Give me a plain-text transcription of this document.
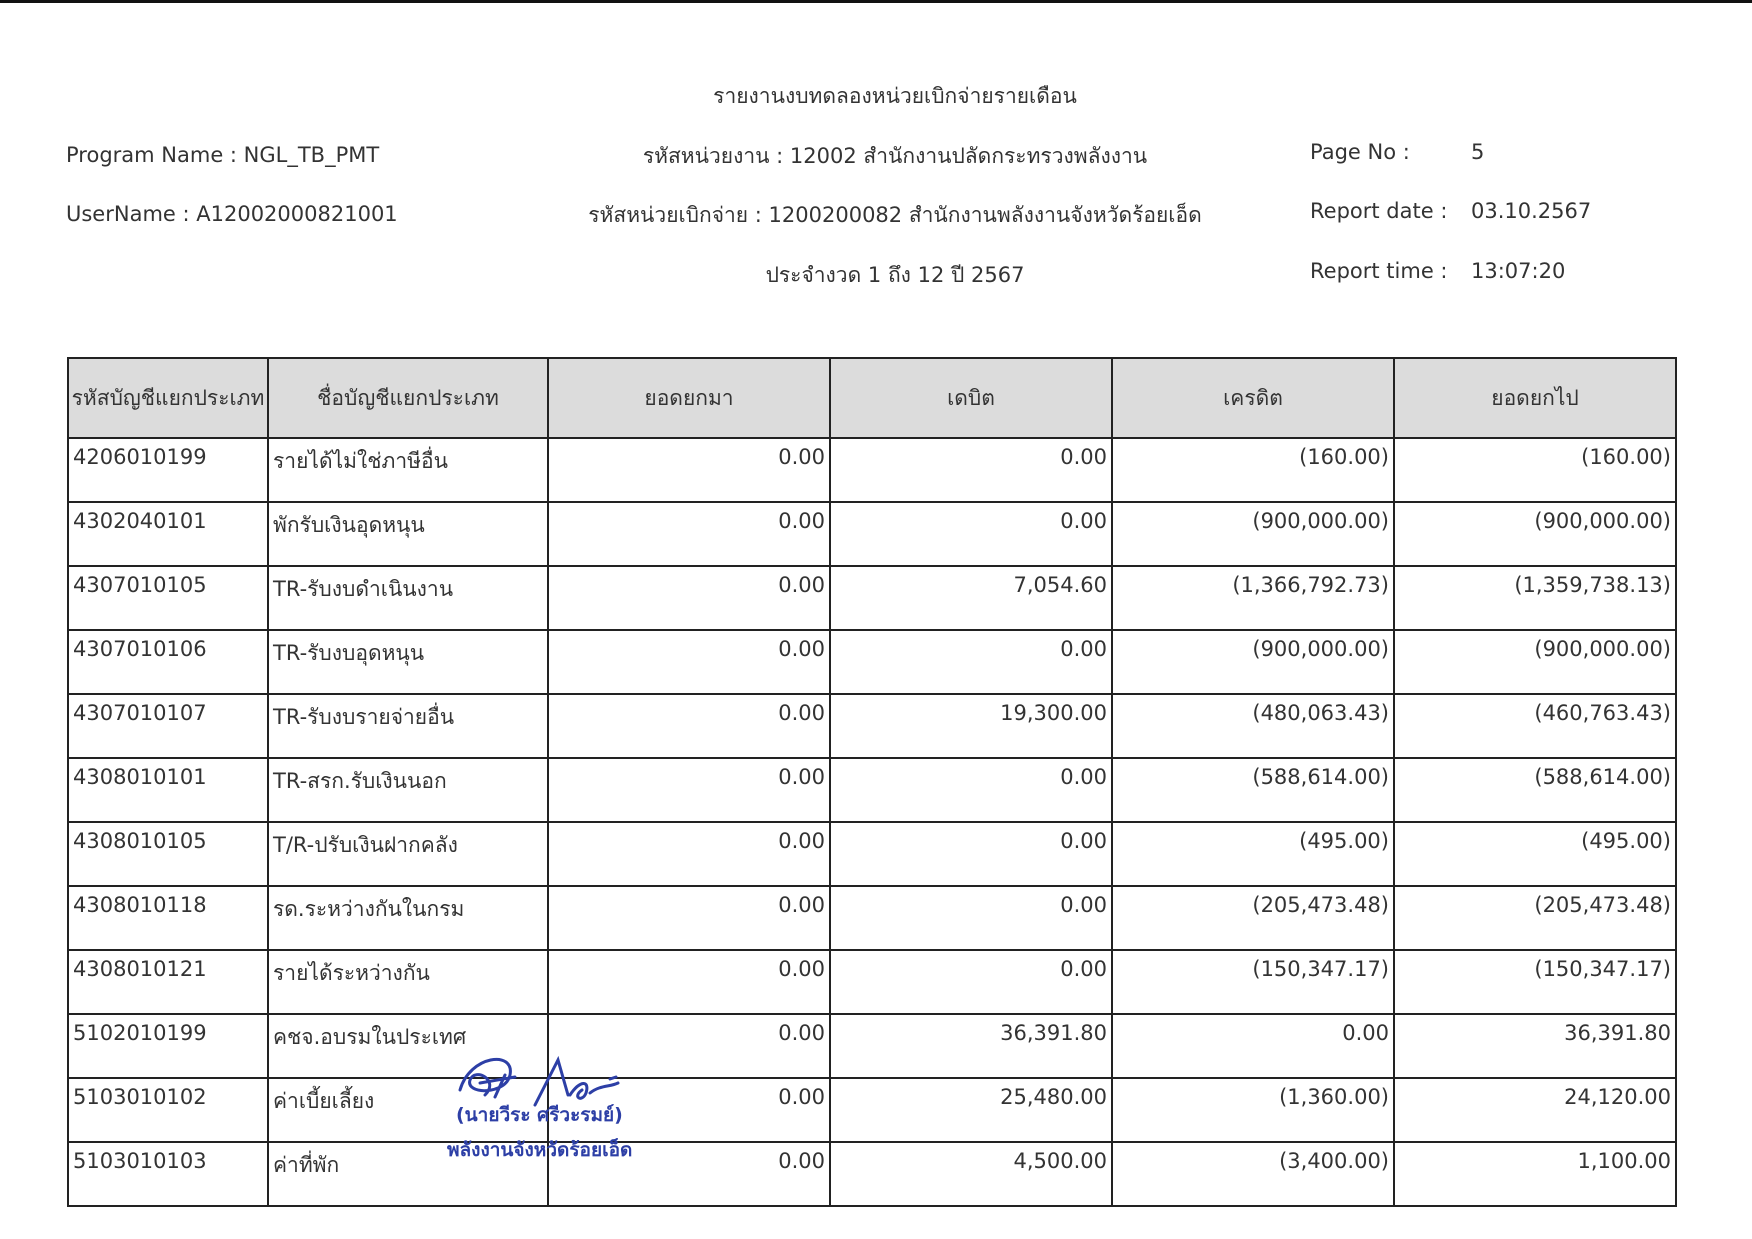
รายงานงบทดลองหน่วยเบิกจ่ายรายเดือน
Program Name : NGL_TB_PMT	รหัสหน่วยงาน : 12002 สำนักงานปลัดกระทรวงพลังงาน	Page No :	5
UserName : A12002000821001	รหัสหน่วยเบิกจ่าย : 1200200082 สำนักงานพลังงานจังหวัดร้อยเอ็ด	Report date : 03.10.2567
ประจำงวด 1 ถึง 12 ปี 2567	Report time : 13:07:20
รหัสบัญชีแยกประเภท	ชื่อบัญชีแยกประเภท	ยอดยกมา	เดบิต	เครดิต	ยอดยกไป
4206010199	รายได้ไม่ใช่ภาษีอื่น	0.00	0.00	(160.00)	(160.00)
4302040101	พักรับเงินอุดหนุน	0.00	0.00	(900,000.00)	(900,000.00)
4307010105	TR-รับงบดำเนินงาน	0.00	7,054.60	(1,366,792.73)	(1,359,738.13)
4307010106	TR-รับงบอุดหนุน	0.00	0.00	(900,000.00)	(900,000.00)
4307010107	TR-รับงบรายจ่ายอื่น	0.00	19,300.00	(480,063.43)	(460,763.43)
4308010101	TR-สรก.รับเงินนอก	0.00	0.00	(588,614.00)	(588,614.00)
4308010105	T/R-ปรับเงินฝากคลัง	0.00	0.00	(495.00)	(495.00)
4308010118	รด.ระหว่างกันในกรม	0.00	0.00	(205,473.48)	(205,473.48)
4308010121	รายได้ระหว่างกัน	0.00	0.00	(150,347.17)	(150,347.17)
5102010199	คชจ.อบรมในประเทศ	0.00	36,391.80	0.00	36,391.80
5103010102	ค่าเบี้ยเลี้ยง	0.00	25,480.00	(1,360.00)	24,120.00
5103010103	ค่าที่พัก	0.00	4,500.00	(3,400.00)	1,100.00
(นายวีระ ศรีวะรมย์)
พลังงานจังหวัดร้อยเอ็ด
